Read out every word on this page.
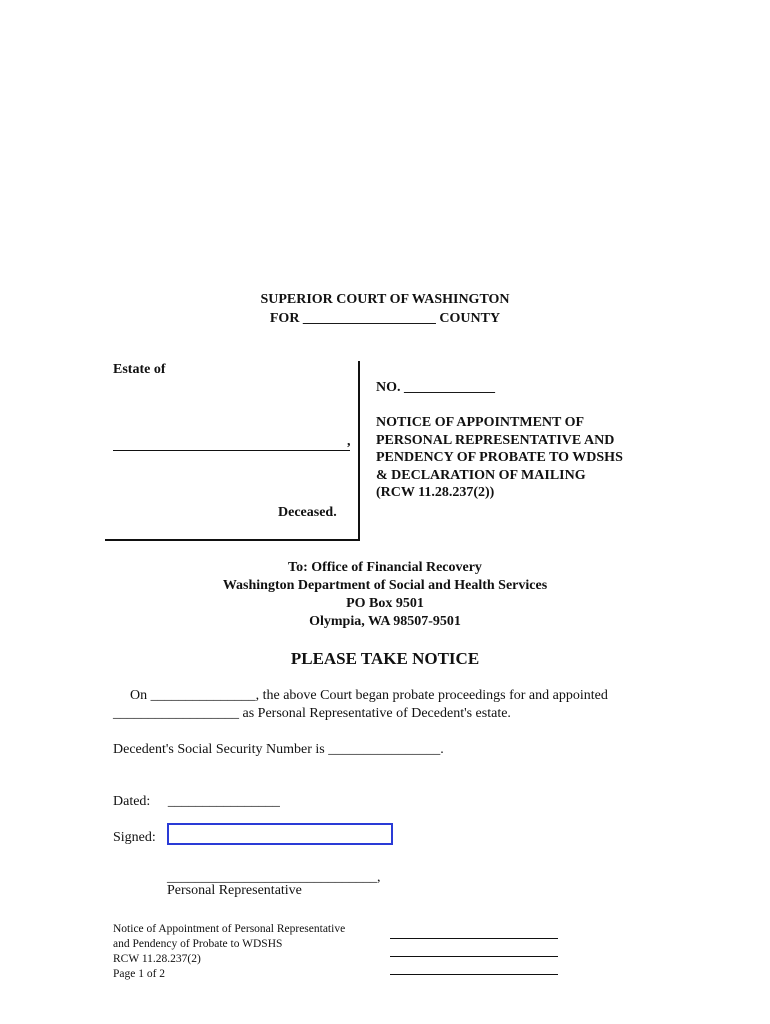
SUPERIOR COURT OF WASHINGTON
FOR ___________________ COUNTY
Estate of
,
Deceased.
NO. _____________
NOTICE OF APPOINTMENT OF
PERSONAL REPRESENTATIVE AND
PENDENCY OF PROBATE TO WDSHS
& DECLARATION OF MAILING
(RCW 11.28.237(2))
To: Office of Financial Recovery
Washington Department of Social and Health Services
PO Box 9501
Olympia, WA 98507-9501
PLEASE TAKE NOTICE
On _______________, the above Court began probate proceedings for and appointed
__________________ as Personal Representative of Decedent's estate.
Decedent's Social Security Number is ________________.
Dated: ________________
Signed:
______________________________,
Personal Representative
Notice of Appointment of Personal Representative
and Pendency of Probate to WDSHS
RCW 11.28.237(2)
Page 1 of 2
